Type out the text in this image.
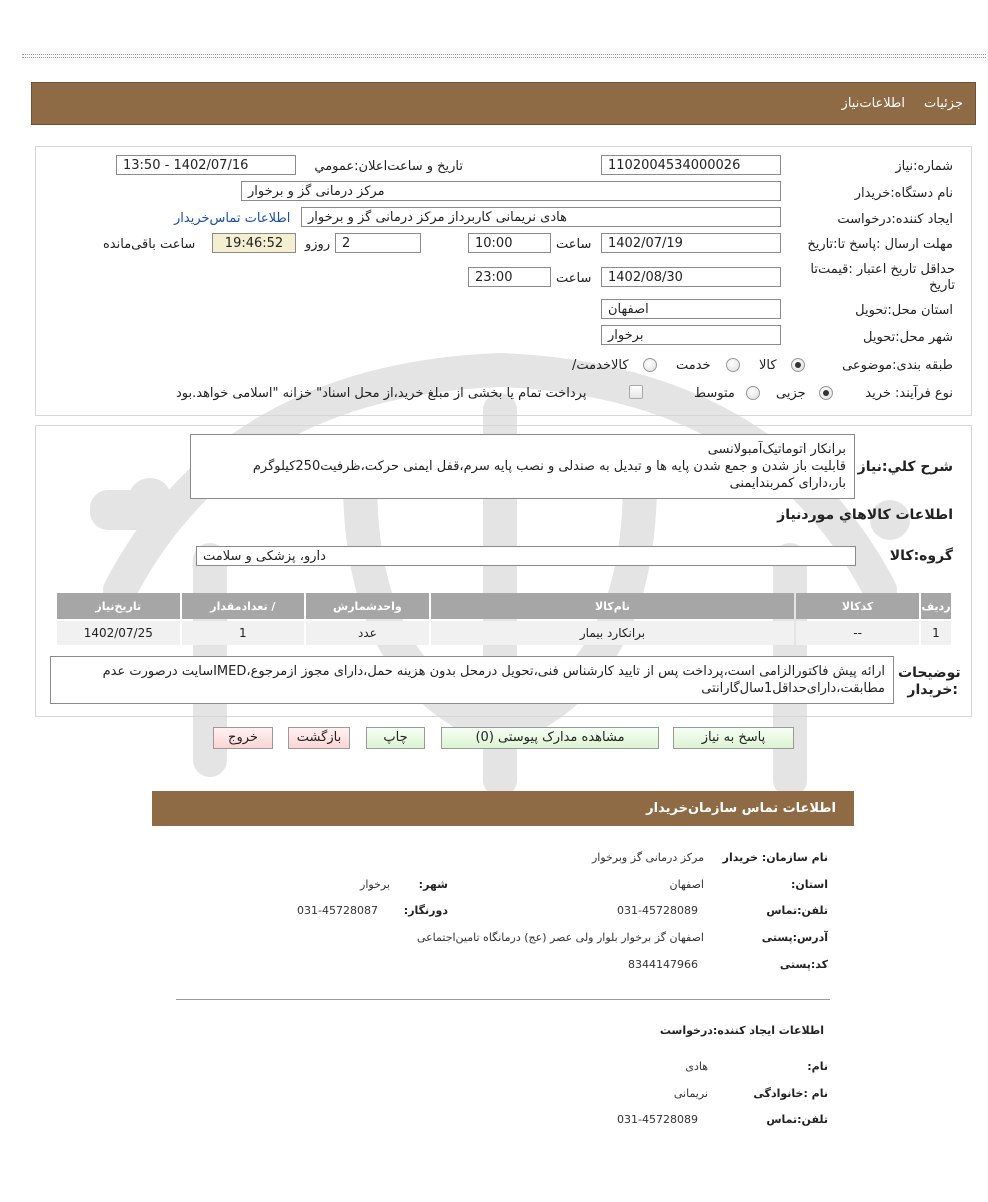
جزئیات
اطلاعات‌نیاز
شماره:نیاز
1102004534000026
تاریخ و ساعت‌اعلان:عمومي
1402/07/16 - 13:50
نام دستگاه:خریدار
مرکز درمانی گز و برخوار
ایجاد کننده:درخواست
هادی نریمانی کاربرداز مرکز درمانی گز و برخوار
اطلاعات تماس‌خریدار
مهلت ارسال :پاسخ تا:تاریخ
1402/07/19
ساعت
10:00
2
روزو
19:46:52
ساعت باقی‌مانده
حداقل تاریخ اعتبار :قیمت‌تا تاریخ
1402/08/30
ساعت
23:00
استان محل:تحویل
اصفهان
شهر محل:تحویل
برخوار
طبقه بندی:موضوعی
کالا
خدمت
/کالاخدمت
نوع فرآیند: خرید
جزیی
متوسط
پرداخت تمام یا بخشی از مبلغ خرید،از محل اسناد" خزانه "اسلامی خواهد.بود
شرح کلي:نیاز
برانکار اتوماتیک‌آمبولانسی
قابلیت باز شدن و جمع شدن پایه ها و تبدیل به صندلی و نصب پایه سرم،قفل ایمنی حرکت،ظرفیت250کیلوگرم
بار،دارای کمربندایمنی
اطلاعات کالاهاي مورد‌نیاز
گروه:کالا
دارو، پزشکی و سلامت
ردیف	کدکالا	نام‌کالا	واحدشمارش	/ تعدادمقدار	تاریخ‌نیاز
1	--	برانکارد بیمار	عدد	1	1402/07/25
توضیحات :خریدار
ارائه پیش فاکتورالزامی است،پرداخت پس از تایید کارشناس فنی،تحویل درمحل بدون هزینه حمل،دارای مجوز ازمرجوع،IMEDسایت درصورت عدم
مطابقت،دارای‌حداقل1سال‌گارانتی
پاسخ به نیاز
مشاهده مدارک پیوستی (0)
چاپ
بازگشت
خروج
اطلاعات تماس سازمان‌خریدار
نام سازمان: خریدار
مرکز درمانی گز وبرخوار
:استان
اصفهان
:شهر
برخوار
تلفن:تماس
031-45728089
:دورنگار
031-45728087
آدرس:پستی
اصفهان گز برخوار بلوار ولی عصر (عج) درمانگاه تامین‌اجتماعی
کد:پستی
8344147966
اطلاعات ایجاد کننده:درخواست
:نام
هادی
نام :خانوادگی
نریمانی
تلفن:تماس
031-45728089
